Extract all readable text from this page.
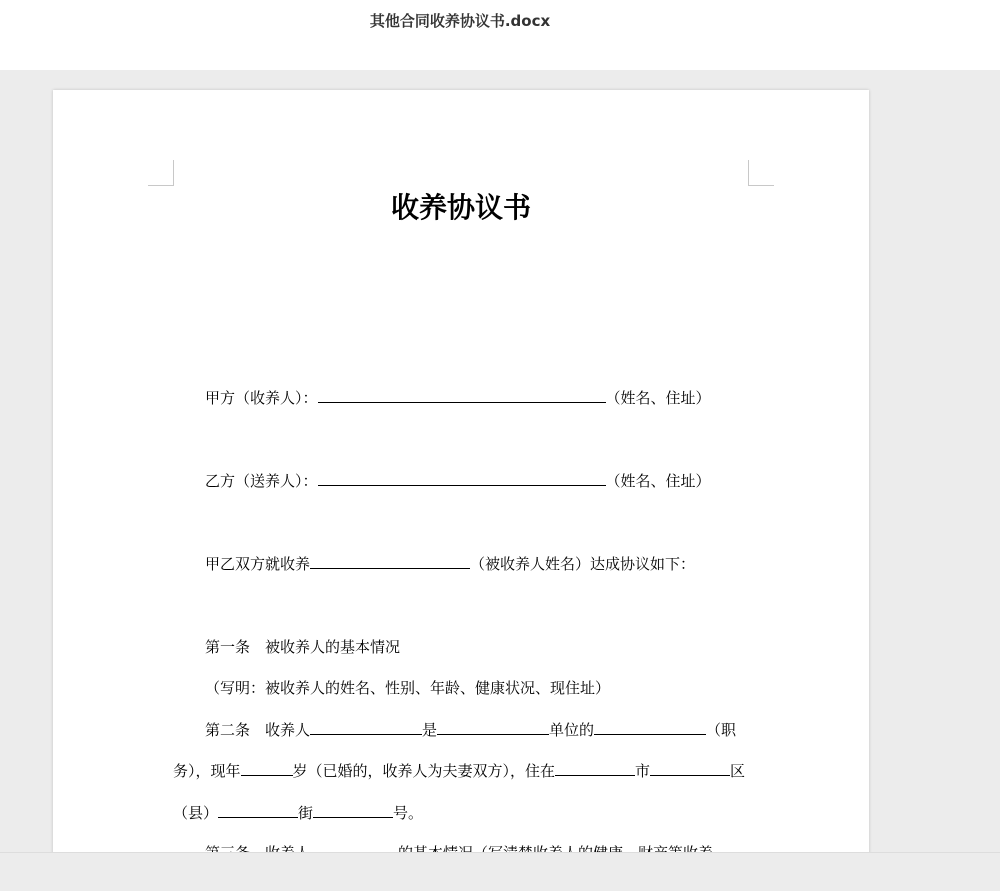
其他合同收养协议书.docx
收养协议书
甲方（收养人）：	（姓名、住址）
乙方（送养人）：	（姓名、住址）
甲乙双方就收养	（被收养人姓名）达成协议如下：
第一条　被收养人的基本情况
（写明：被收养人的姓名、性别、年龄、健康状况、现住址）
第二条　收养人	是	单位的	（职
务），现年	岁（已婚的，收养人为夫妻双方），住在	市	区
（县）	街	号。
